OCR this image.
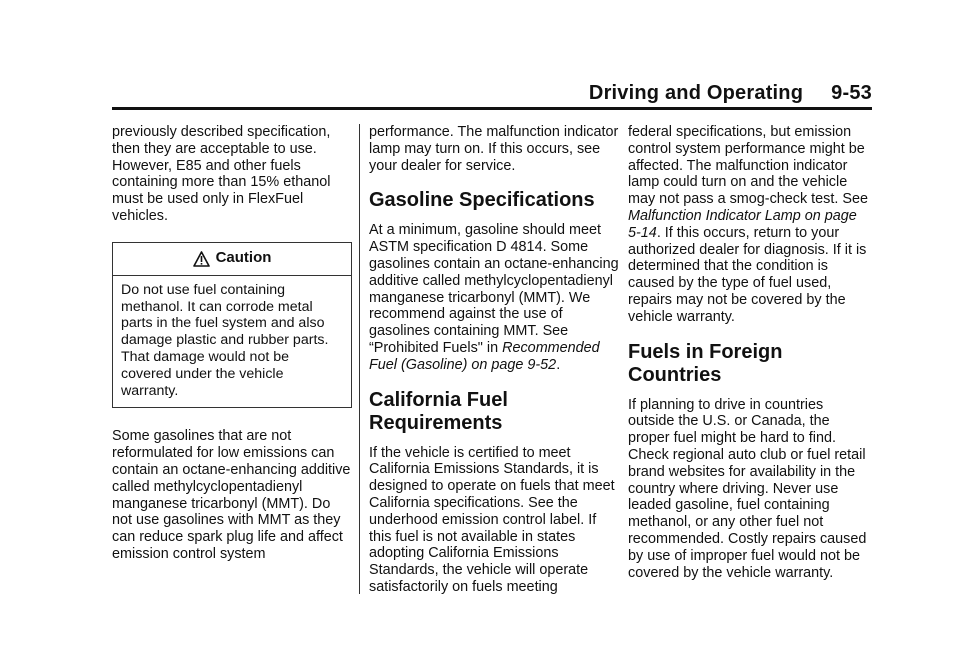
Driving and Operating 9-53

previously described specification, then they are acceptable to use. However, E85 and other fuels containing more than 15% ethanol must be used only in FlexFuel vehicles.

Caution

Do not use fuel containing methanol. It can corrode metal parts in the fuel system and also damage plastic and rubber parts. That damage would not be covered under the vehicle warranty.

Some gasolines that are not reformulated for low emissions can contain an octane-enhancing additive called methylcyclopentadienyl manganese tricarbonyl (MMT). Do not use gasolines with MMT as they can reduce spark plug life and affect emission control system

performance. The malfunction indicator lamp may turn on. If this occurs, see your dealer for service.

Gasoline Specifications

At a minimum, gasoline should meet ASTM specification D 4814. Some gasolines contain an octane-enhancing additive called methylcyclopentadienyl manganese tricarbonyl (MMT). We recommend against the use of gasolines containing MMT. See “Prohibited Fuels" in Recommended Fuel (Gasoline) on page 9-52.

California Fuel Requirements

If the vehicle is certified to meet California Emissions Standards, it is designed to operate on fuels that meet California specifications. See the underhood emission control label. If this fuel is not available in states adopting California Emissions Standards, the vehicle will operate satisfactorily on fuels meeting

federal specifications, but emission control system performance might be affected. The malfunction indicator lamp could turn on and the vehicle may not pass a smog-check test. See Malfunction Indicator Lamp on page 5-14. If this occurs, return to your authorized dealer for diagnosis. If it is determined that the condition is caused by the type of fuel used, repairs may not be covered by the vehicle warranty.

Fuels in Foreign Countries

If planning to drive in countries outside the U.S. or Canada, the proper fuel might be hard to find. Check regional auto club or fuel retail brand websites for availability in the country where driving. Never use leaded gasoline, fuel containing methanol, or any other fuel not recommended. Costly repairs caused by use of improper fuel would not be covered by the vehicle warranty.
